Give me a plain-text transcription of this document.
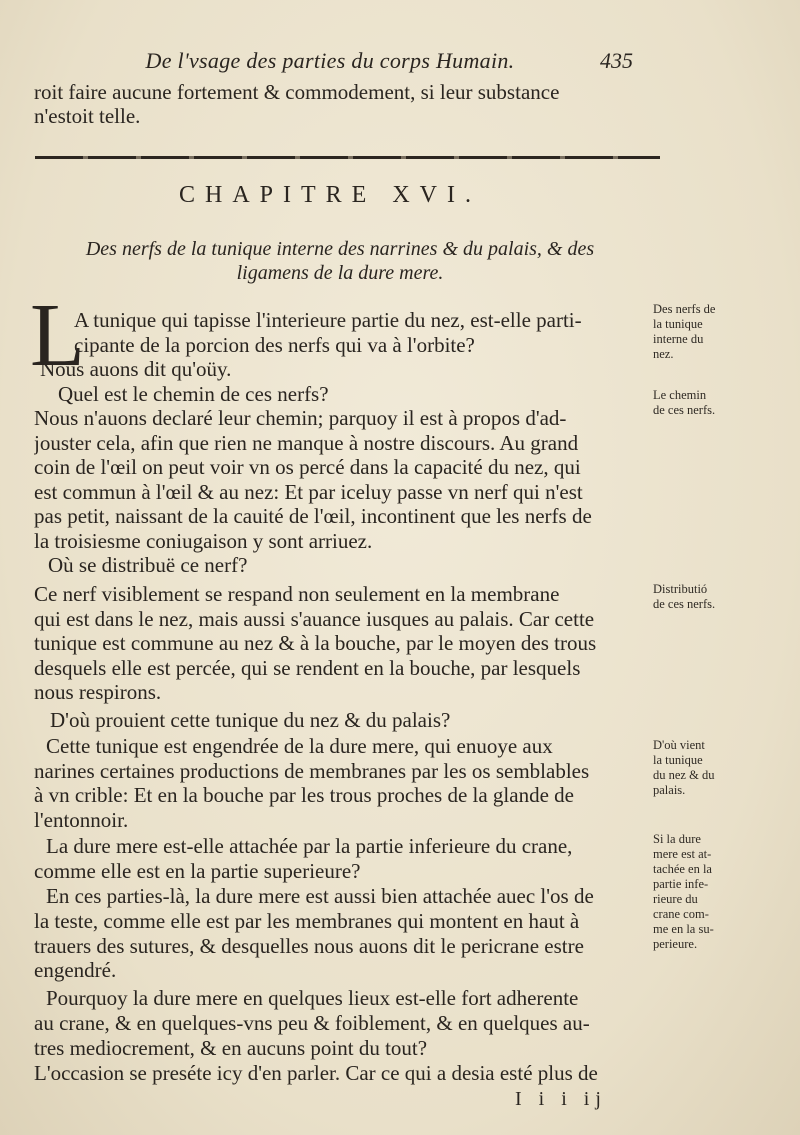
De l'vsage des parties du corps Humain.	435
roit faire aucune fortement & commodement, si leur substance
n'estoit telle.
CHAPITRE XVI.
Des nerfs de la tunique interne des narrines & du palais, & des
ligamens de la dure mere.
L
A tunique qui tapisse l'interieure partie du nez, est-elle parti-
cipante de la porcion des nerfs qui va à l'orbite?
Nous auons dit qu'oüy.
Quel est le chemin de ces nerfs?
Nous n'auons declaré leur chemin; parquoy il est à propos d'ad-
jouster cela, afin que rien ne manque à nostre discours. Au grand
coin de l'œil on peut voir vn os percé dans la capacité du nez, qui
est commun à l'œil & au nez: Et par iceluy passe vn nerf qui n'est
pas petit, naissant de la cauité de l'œil, incontinent que les nerfs de
la troisiesme coniugaison y sont arriuez.
Où se distribuë ce nerf?
Ce nerf visiblement se respand non seulement en la membrane
qui est dans le nez, mais aussi s'auance iusques au palais. Car cette
tunique est commune au nez & à la bouche, par le moyen des trous
desquels elle est percée, qui se rendent en la bouche, par lesquels
nous respirons.
D'où prouient cette tunique du nez & du palais?
Cette tunique est engendrée de la dure mere, qui enuoye aux
narines certaines productions de membranes par les os semblables
à vn crible: Et en la bouche par les trous proches de la glande de
l'entonnoir.
La dure mere est-elle attachée par la partie inferieure du crane,
comme elle est en la partie superieure?
En ces parties-là, la dure mere est aussi bien attachée auec l'os de
la teste, comme elle est par les membranes qui montent en haut à
trauers des sutures, & desquelles nous auons dit le pericrane estre
engendré.
Pourquoy la dure mere en quelques lieux est-elle fort adherente
au crane, & en quelques-vns peu & foiblement, & en quelques au-
tres mediocrement, & en aucuns point du tout?
L'occasion se preséte icy d'en parler. Car ce qui a desia esté plus de
Des nerfs de
la tunique
interne du
nez.
Le chemin
de ces nerfs.
Distributió
de ces nerfs.
D'où vient
la tunique
du nez & du
palais.
Si la dure
mere est at-
tachée en la
partie infe-
rieure du
crane com-
me en la su-
perieure.
I i i ij
